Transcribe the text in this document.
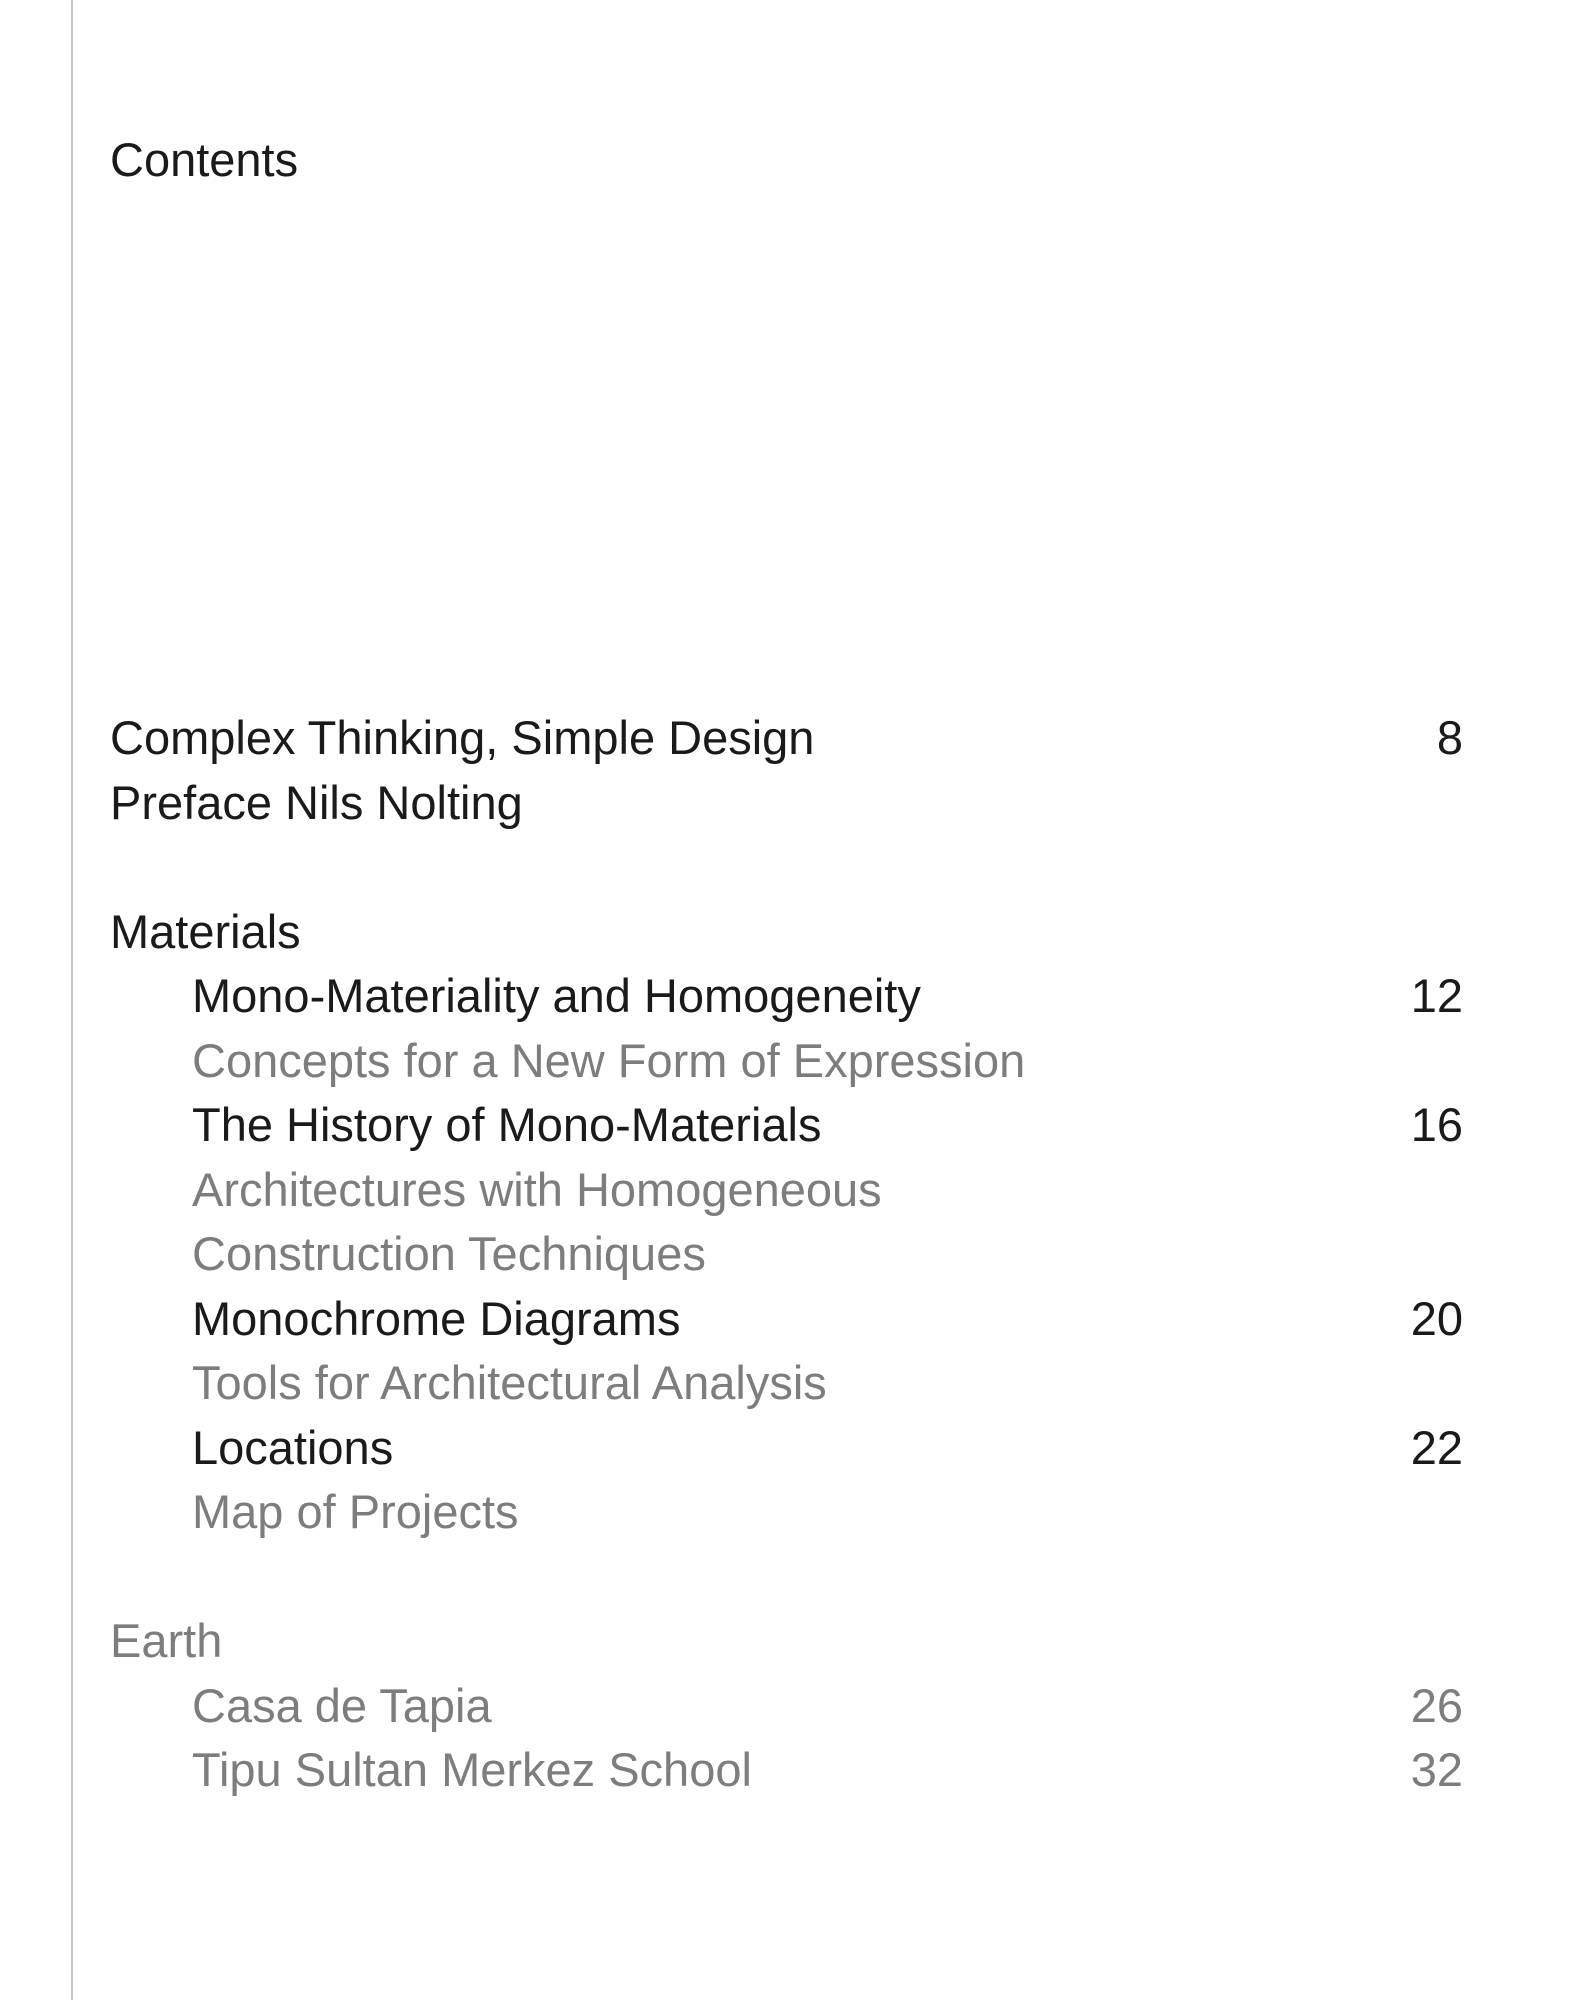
Contents
Complex Thinking, Simple Design	8
Preface Nils Nolting
Materials
Mono-Materiality and Homogeneity	12
Concepts for a New Form of Expression
The History of Mono-Materials	16
Architectures with Homogeneous
Construction Techniques
Monochrome Diagrams	20
Tools for Architectural Analysis
Locations	22
Map of Projects
Earth
Casa de Tapia	26
Tipu Sultan Merkez School	32
